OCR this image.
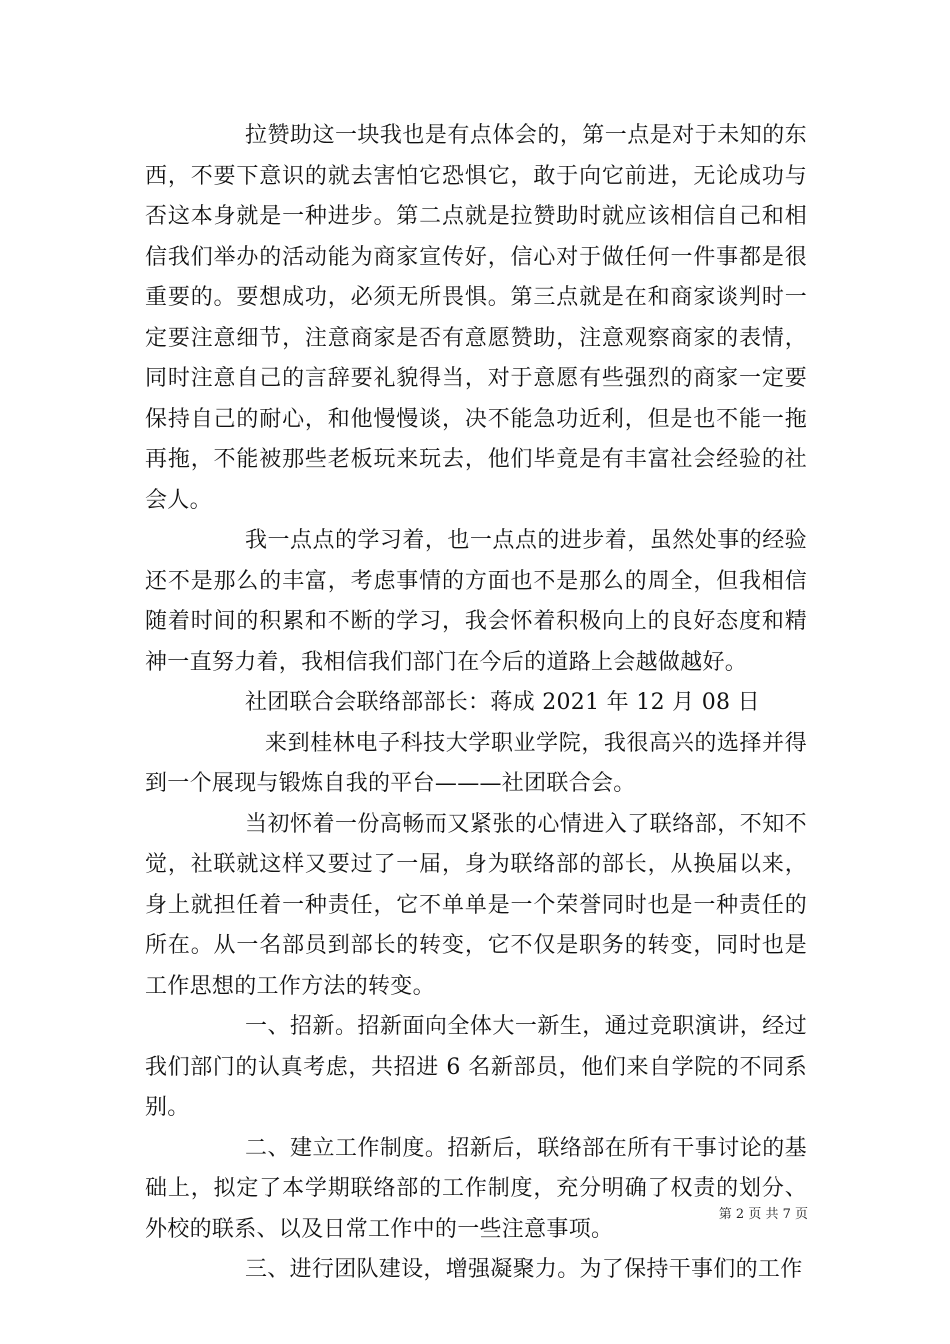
拉赞助这一块我也是有点体会的，第一点是对于未知的东西，不要下意识的就去害怕它恐惧它，敢于向它前进，无论成功与否这本身就是一种进步。第二点就是拉赞助时就应该相信自己和相信我们举办的活动能为商家宣传好，信心对于做任何一件事都是很重要的。要想成功，必须无所畏惧。第三点就是在和商家谈判时一定要注意细节，注意商家是否有意愿赞助，注意观察商家的表情，同时注意自己的言辞要礼貌得当，对于意愿有些强烈的商家一定要保持自己的耐心，和他慢慢谈，决不能急功近利，但是也不能一拖再拖，不能被那些老板玩来玩去，他们毕竟是有丰富社会经验的社会人。

我一点点的学习着，也一点点的进步着，虽然处事的经验还不是那么的丰富，考虑事情的方面也不是那么的周全，但我相信随着时间的积累和不断的学习，我会怀着积极向上的良好态度和精神一直努力着，我相信我们部门在今后的道路上会越做越好。

社团联合会联络部部长：蒋成 2021 年 12 月 08 日

来到桂林电子科技大学职业学院，我很高兴的选择并得到一个展现与锻炼自我的平台———社团联合会。

当初怀着一份高畅而又紧张的心情进入了联络部，不知不觉，社联就这样又要过了一届，身为联络部的部长，从换届以来，身上就担任着一种责任，它不单单是一个荣誉同时也是一种责任的所在。从一名部员到部长的转变，它不仅是职务的转变，同时也是工作思想的工作方法的转变。

一、招新。招新面向全体大一新生，通过竞职演讲，经过我们部门的认真考虑，共招进 6 名新部员，他们来自学院的不同系别。

二、建立工作制度。招新后，联络部在所有干事讨论的基础上，拟定了本学期联络部的工作制度，充分明确了权责的划分、外校的联系、以及日常工作中的一些注意事项。

三、进行团队建设，增强凝聚力。为了保持干事们的工作

第 2 页 共 7 页
